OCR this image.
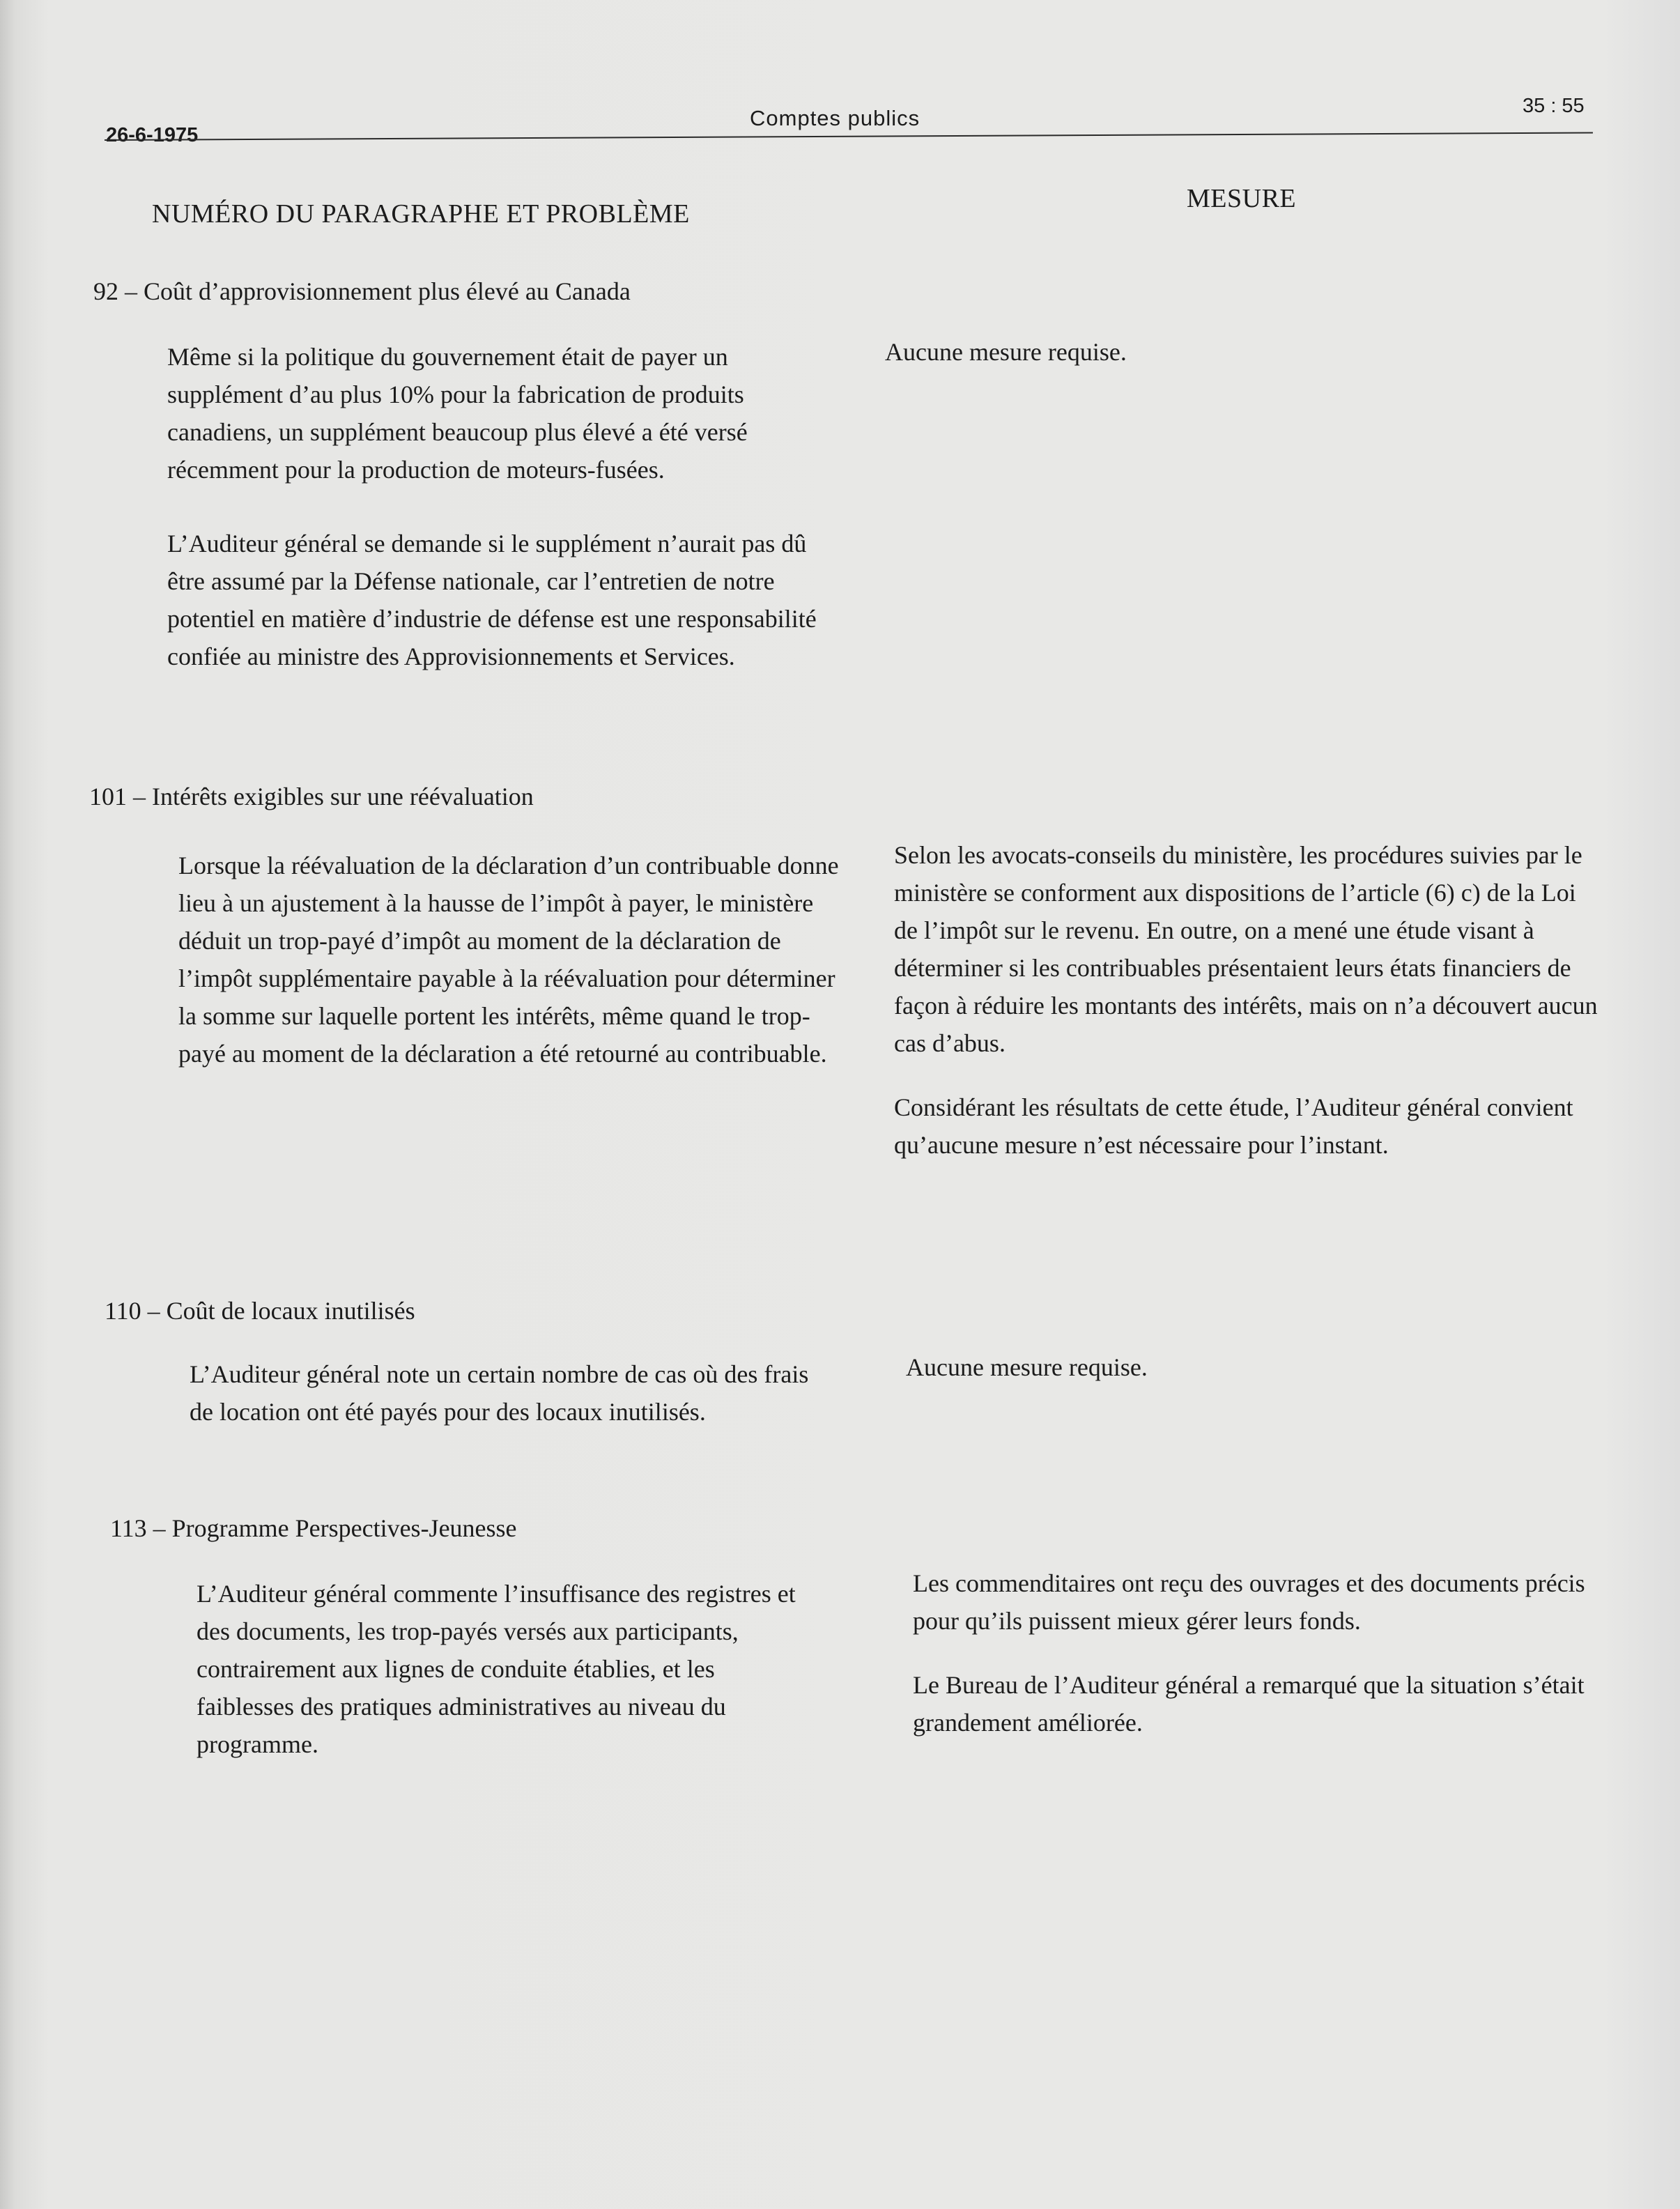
26-6-1975
Comptes publics	35 : 55
NUMÉRO DU PARAGRAPHE ET PROBLÈME
MESURE
92 – Coût d’approvisionnement plus élevé au Canada

Même si la politique du gouvernement était de payer un supplément d’au plus 10% pour la fabrication de produits canadiens, un supplément beaucoup plus élevé a été versé récemment pour la production de moteurs-fusées.

L’Auditeur général se demande si le supplément n’aurait pas dû être assumé par la Défense nationale, car l’entretien de notre potentiel en matière d’industrie de défense est une responsabilité confiée au ministre des Approvisionnements et Services.

Aucune mesure requise.

101 – Intérêts exigibles sur une réévaluation

Lorsque la réévaluation de la déclaration d’un contribuable donne lieu à un ajustement à la hausse de l’impôt à payer, le ministère déduit un trop-payé d’impôt au moment de la déclaration de l’impôt supplémentaire payable à la réévaluation pour déterminer la somme sur laquelle portent les intérêts, même quand le trop-payé au moment de la déclaration a été retourné au contribuable.

Selon les avocats-conseils du ministère, les procédures suivies par le ministère se conforment aux dispositions de l’article (6) c) de la Loi de l’impôt sur le revenu. En outre, on a mené une étude visant à déterminer si les contribuables présentaient leurs états financiers de façon à réduire les montants des intérêts, mais on n’a découvert aucun cas d’abus.

Considérant les résultats de cette étude, l’Auditeur général convient qu’aucune mesure n’est nécessaire pour l’instant.

110 – Coût de locaux inutilisés

L’Auditeur général note un certain nombre de cas où des frais de location ont été payés pour des locaux inutilisés.

Aucune mesure requise.

113 – Programme Perspectives-Jeunesse

L’Auditeur général commente l’insuffisance des registres et des documents, les trop-payés versés aux participants, contrairement aux lignes de conduite établies, et les faiblesses des pratiques administratives au niveau du programme.

Les commenditaires ont reçu des ouvrages et des documents précis pour qu’ils puissent mieux gérer leurs fonds.

Le Bureau de l’Auditeur général a remarqué que la situation s’était grandement améliorée.
